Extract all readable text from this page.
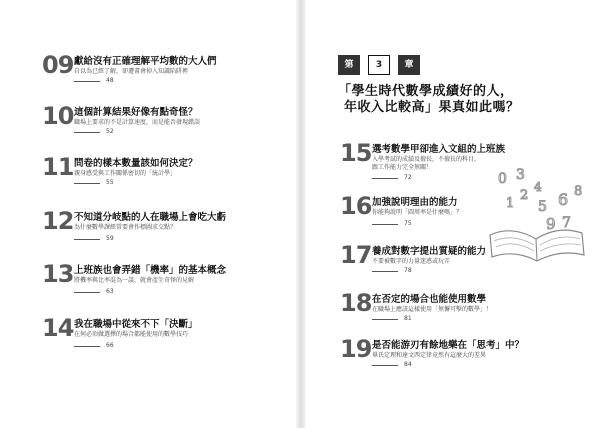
09 獻給沒有正確理解平均數的大人們
自以為已經了解，卻遭畫會掉入知識陷阱裡
48
10 這個計算結果好像有點奇怪？
職場上要求的不是計算速度，而是能否發現錯誤
52
11 問卷的樣本數量該如何決定？
親身感受與工作關係密切的「統計學」
55
12 不知道分岐點的人在職場上會吃大虧
為什麼數學課經常要會作標圖求交點？
59
13 上班族也會弄錯「機率」的基本概念
將機率與比率混為一談，就會產生奇怪的見解
63
14 我在職場中從來不下「決斷」
在何必須做選擇的場合都能使用的數學技巧
66
第	3	章
「學生時代數學成績好的人，
年收入比較高」果真如此嗎？
15 選考數學甲卻進入文組的上班族
入學考試的成績及擅長，不擅長的科目，
跟工作能力完全無關！
72
16 加強說明理由的能力
你能夠說明「圓周率是什麼嗎」？
75
17 養成對數字提出質疑的能力
不要被數字的力量迷惑或玩弄
78
18 在否定的場合也能使用數學
在職場上應該這樣使用「無懈可擊的數學」！
81
19 是否能游刃有餘地樂在「思考」中？
畢氏定理和達文西定律竟然有這麼大的差異
84
0 3
2
4
1 5 6 8
9 7
